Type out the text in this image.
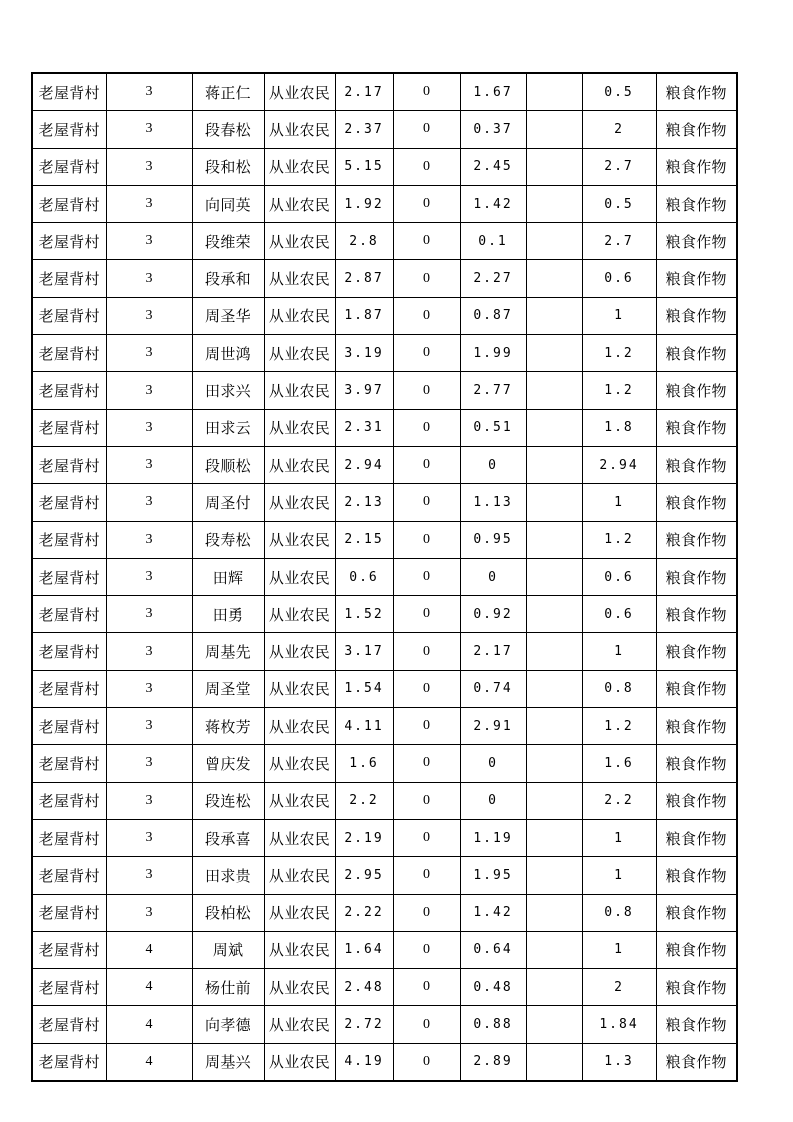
老屋背村	3	蒋正仁	从业农民	2.17	0	1.67		0.5	粮食作物
老屋背村	3	段春松	从业农民	2.37	0	0.37		2	粮食作物
老屋背村	3	段和松	从业农民	5.15	0	2.45		2.7	粮食作物
老屋背村	3	向同英	从业农民	1.92	0	1.42		0.5	粮食作物
老屋背村	3	段维荣	从业农民	2.8	0	0.1		2.7	粮食作物
老屋背村	3	段承和	从业农民	2.87	0	2.27		0.6	粮食作物
老屋背村	3	周圣华	从业农民	1.87	0	0.87		1	粮食作物
老屋背村	3	周世鸿	从业农民	3.19	0	1.99		1.2	粮食作物
老屋背村	3	田求兴	从业农民	3.97	0	2.77		1.2	粮食作物
老屋背村	3	田求云	从业农民	2.31	0	0.51		1.8	粮食作物
老屋背村	3	段顺松	从业农民	2.94	0	0		2.94	粮食作物
老屋背村	3	周圣付	从业农民	2.13	0	1.13		1	粮食作物
老屋背村	3	段寿松	从业农民	2.15	0	0.95		1.2	粮食作物
老屋背村	3	田辉	从业农民	0.6	0	0		0.6	粮食作物
老屋背村	3	田勇	从业农民	1.52	0	0.92		0.6	粮食作物
老屋背村	3	周基先	从业农民	3.17	0	2.17		1	粮食作物
老屋背村	3	周圣堂	从业农民	1.54	0	0.74		0.8	粮食作物
老屋背村	3	蒋枚芳	从业农民	4.11	0	2.91		1.2	粮食作物
老屋背村	3	曾庆发	从业农民	1.6	0	0		1.6	粮食作物
老屋背村	3	段连松	从业农民	2.2	0	0		2.2	粮食作物
老屋背村	3	段承喜	从业农民	2.19	0	1.19		1	粮食作物
老屋背村	3	田求贵	从业农民	2.95	0	1.95		1	粮食作物
老屋背村	3	段柏松	从业农民	2.22	0	1.42		0.8	粮食作物
老屋背村	4	周斌	从业农民	1.64	0	0.64		1	粮食作物
老屋背村	4	杨仕前	从业农民	2.48	0	0.48		2	粮食作物
老屋背村	4	向孝德	从业农民	2.72	0	0.88		1.84	粮食作物
老屋背村	4	周基兴	从业农民	4.19	0	2.89		1.3	粮食作物
